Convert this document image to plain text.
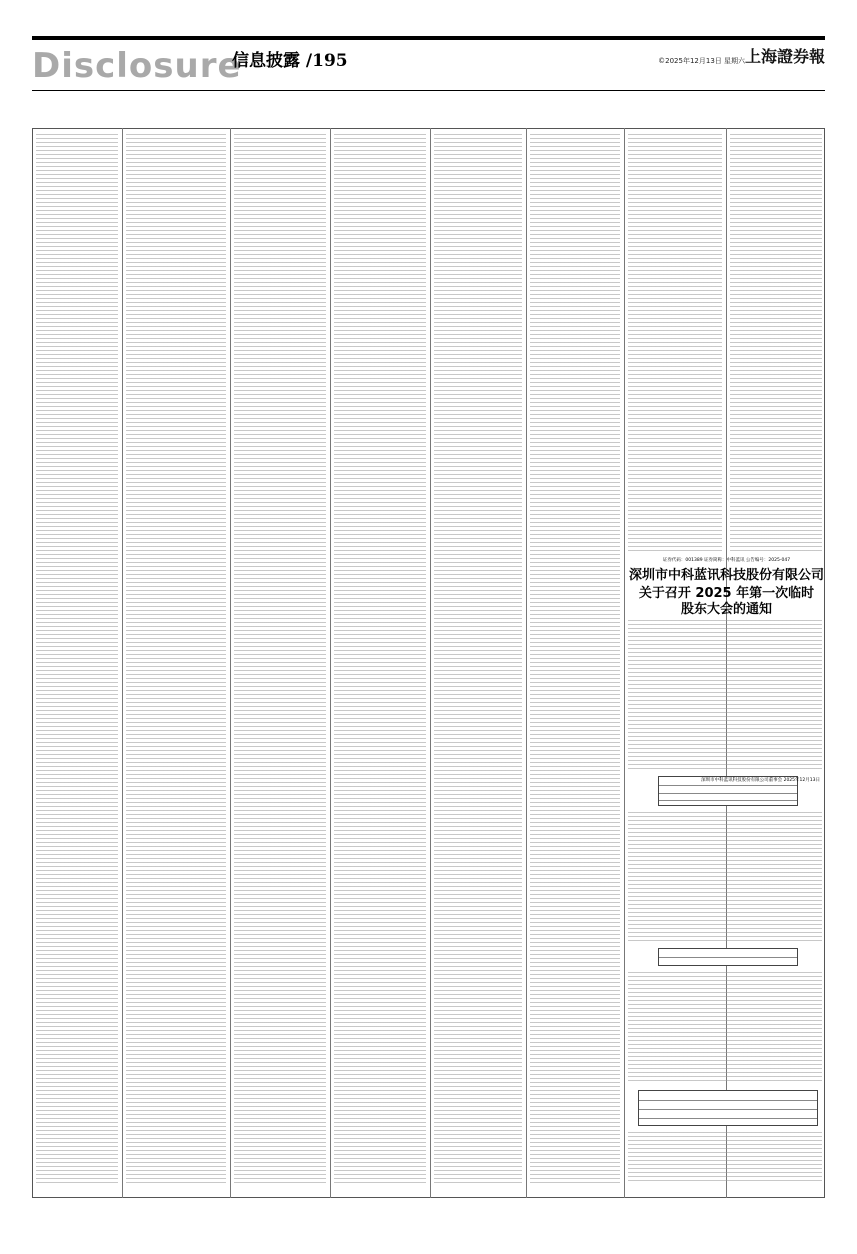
Disclosure
信息披露 /195	©2025年12月13日 星期六 上海證券報
证券代码：001389 证券简称：中科蓝讯 公告编号：2025-047
深圳市中科蓝讯科技股份有限公司
关于召开 2025 年第一次临时
股东大会的通知
深圳市中科蓝讯科技股份有限公司董事会 2025年12月13日
